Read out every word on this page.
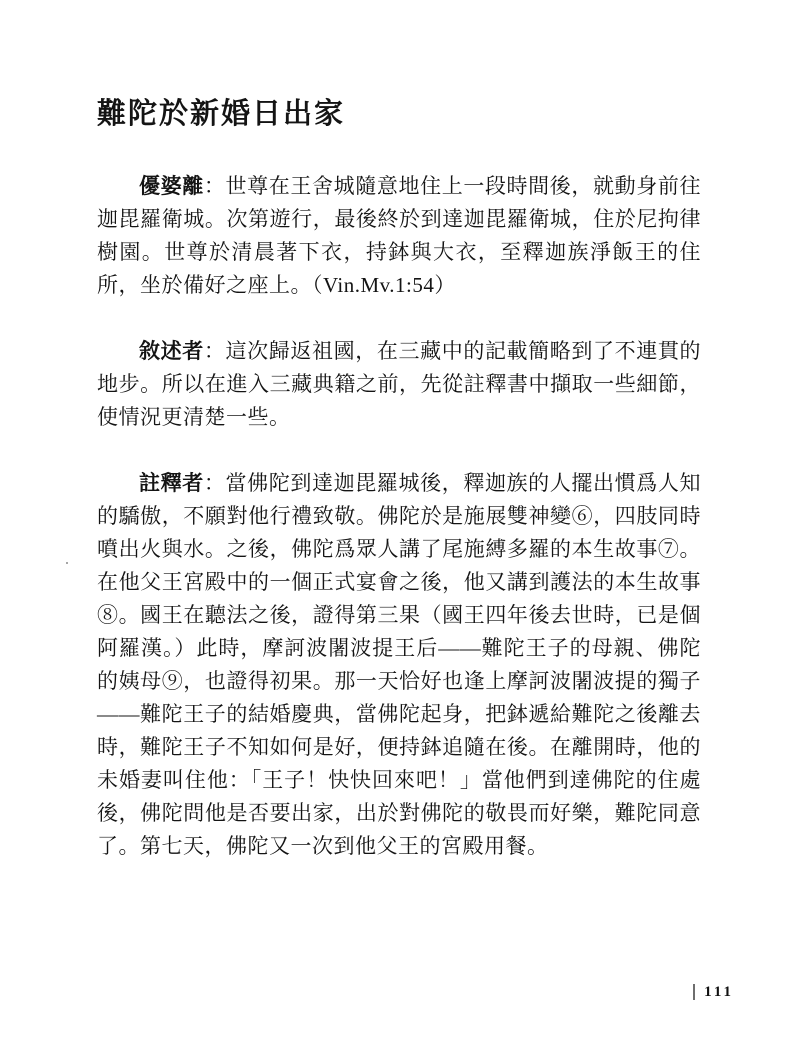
難陀於新婚日出家

優婆離：世尊在王舍城隨意地住上一段時間後，就動身前往迦毘羅衛城。次第遊行，最後終於到達迦毘羅衛城，住於尼拘律樹園。世尊於清晨著下衣，持鉢與大衣，至釋迦族淨飯王的住所，坐於備好之座上。（Vin.Mv.1:54）

敘述者：這次歸返祖國，在三藏中的記載簡略到了不連貫的地步。所以在進入三藏典籍之前，先從註釋書中擷取一些細節，使情況更清楚一些。

註釋者：當佛陀到達迦毘羅城後，釋迦族的人擺出慣爲人知的驕傲，不願對他行禮致敬。佛陀於是施展雙神變⑥，四肢同時噴出火與水。之後，佛陀爲眾人講了尾施縛多羅的本生故事⑦。在他父王宮殿中的一個正式宴會之後，他又講到護法的本生故事⑧。國王在聽法之後，證得第三果（國王四年後去世時，已是個阿羅漢。）此時，摩訶波闍波提王后——難陀王子的母親、佛陀的姨母⑨，也證得初果。那一天恰好也逢上摩訶波闍波提的獨子——難陀王子的結婚慶典，當佛陀起身，把鉢遞給難陀之後離去時，難陀王子不知如何是好，便持鉢追隨在後。在離開時，他的未婚妻叫住他：「王子！快快回來吧！」當他們到達佛陀的住處後，佛陀問他是否要出家，出於對佛陀的敬畏而好樂，難陀同意了。第七天，佛陀又一次到他父王的宮殿用餐。

111
